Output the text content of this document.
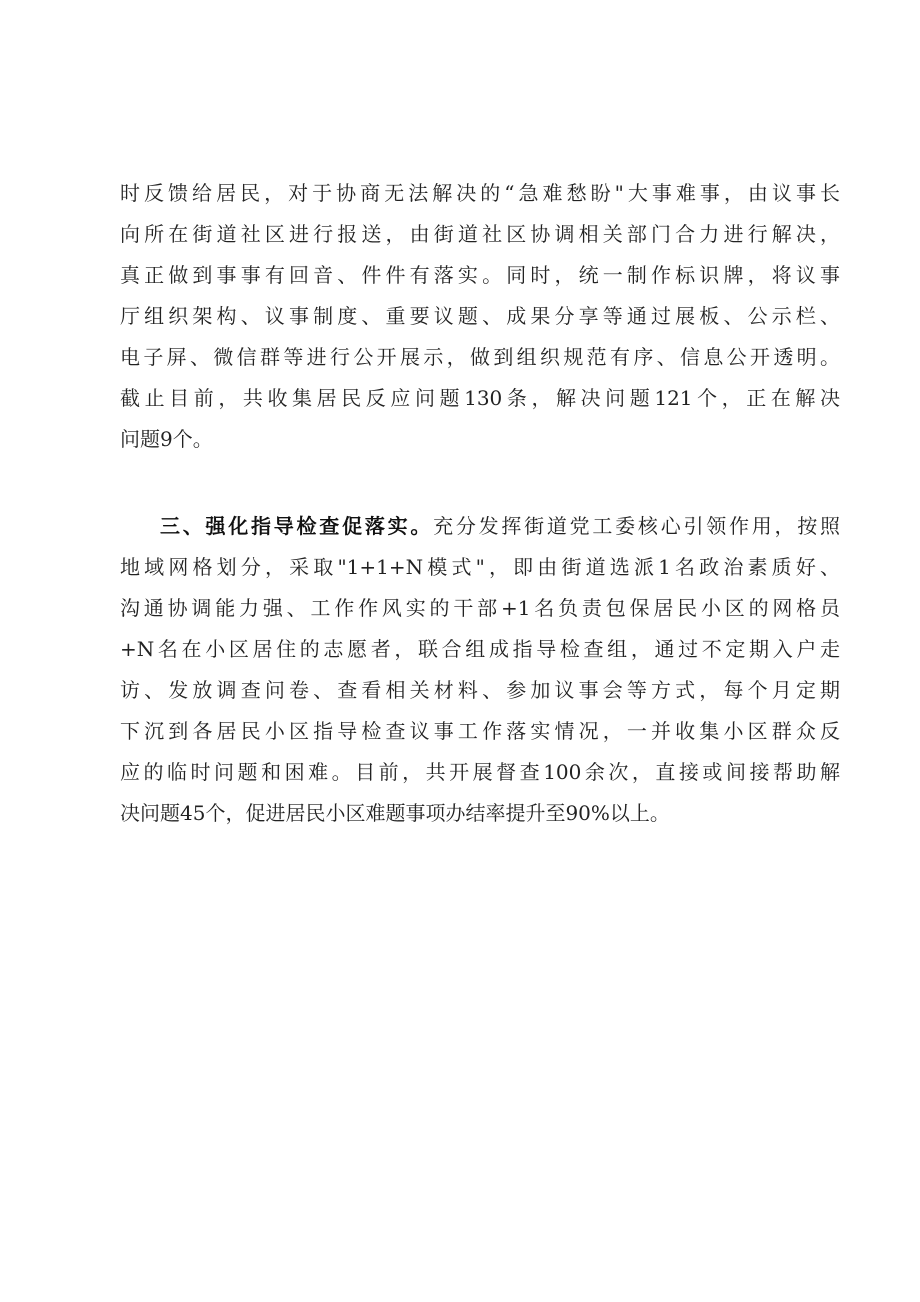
时反馈给居民，对于协商无法解决的“急难愁盼"大事难事，由议事长
向所在街道社区进行报送，由街道社区协调相关部门合力进行解决，
真正做到事事有回音、件件有落实。同时，统一制作标识牌，将议事
厅组织架构、议事制度、重要议题、成果分享等通过展板、公示栏、
电子屏、微信群等进行公开展示，做到组织规范有序、信息公开透明。
截止目前，共收集居民反应问题130条，解决问题121个，正在解决
问题9个。
三、强化指导检查促落实。充分发挥街道党工委核心引领作用，按照
地域网格划分，采取"1+1+N模式"，即由街道选派1名政治素质好、
沟通协调能力强、工作作风实的干部+1名负责包保居民小区的网格员
+N名在小区居住的志愿者，联合组成指导检查组，通过不定期入户走
访、发放调查问卷、查看相关材料、参加议事会等方式，每个月定期
下沉到各居民小区指导检查议事工作落实情况，一并收集小区群众反
应的临时问题和困难。目前，共开展督查100余次，直接或间接帮助解
决问题45个，促进居民小区难题事项办结率提升至90%以上。
